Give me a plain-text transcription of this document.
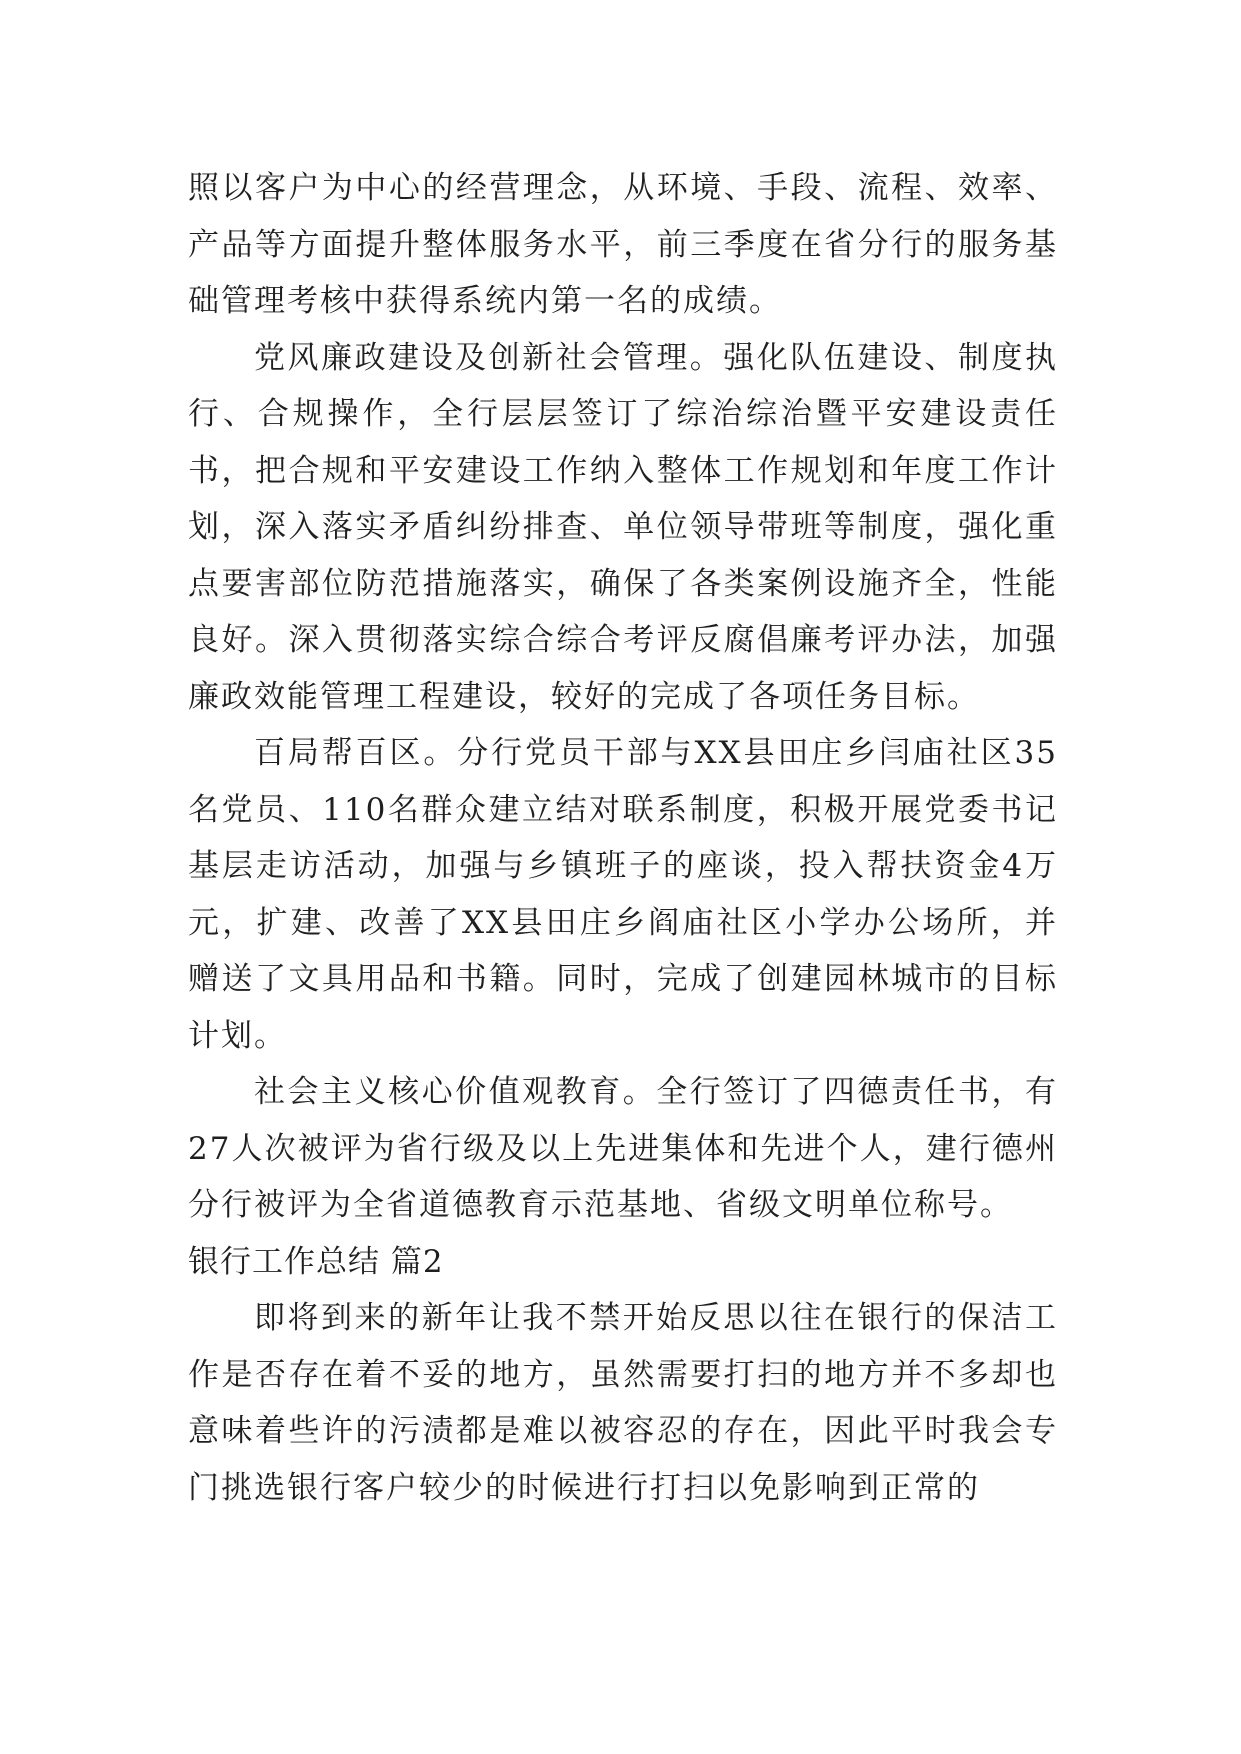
照以客户为中心的经营理念，从环境、手段、流程、效率、产品等方面提升整体服务水平，前三季度在省分行的服务基础管理考核中获得系统内第一名的成绩。

党风廉政建设及创新社会管理。强化队伍建设、制度执行、合规操作，全行层层签订了综治综治暨平安建设责任书，把合规和平安建设工作纳入整体工作规划和年度工作计划，深入落实矛盾纠纷排查、单位领导带班等制度，强化重点要害部位防范措施落实，确保了各类案例设施齐全，性能良好。深入贯彻落实综合综合考评反腐倡廉考评办法，加强廉政效能管理工程建设，较好的完成了各项任务目标。

百局帮百区。分行党员干部与XX县田庄乡闫庙社区35名党员、110名群众建立结对联系制度，积极开展党委书记基层走访活动，加强与乡镇班子的座谈，投入帮扶资金4万元，扩建、改善了XX县田庄乡阎庙社区小学办公场所，并赠送了文具用品和书籍。同时，完成了创建园林城市的目标计划。

社会主义核心价值观教育。全行签订了四德责任书，有27人次被评为省行级及以上先进集体和先进个人，建行德州分行被评为全省道德教育示范基地、省级文明单位称号。

银行工作总结 篇2

即将到来的新年让我不禁开始反思以往在银行的保洁工作是否存在着不妥的地方，虽然需要打扫的地方并不多却也意味着些许的污渍都是难以被容忍的存在，因此平时我会专门挑选银行客户较少的时候进行打扫以免影响到正常的
